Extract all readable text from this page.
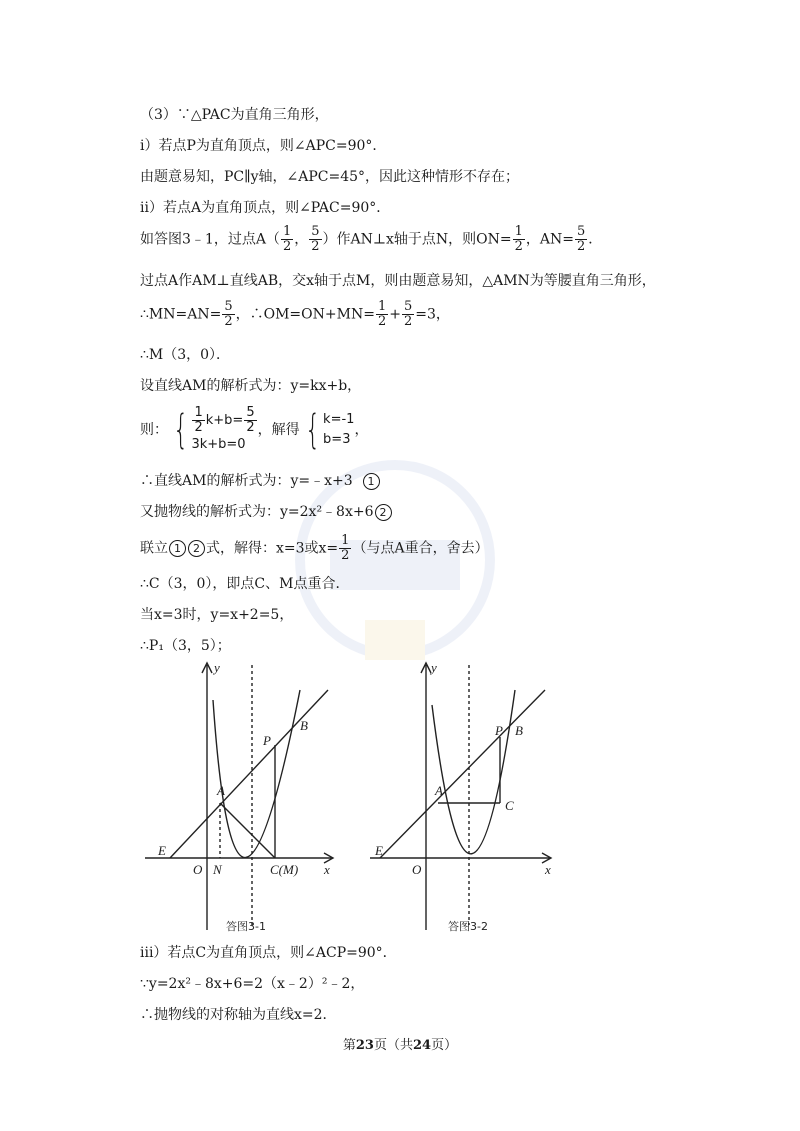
（3）∵△PAC为直角三角形，
i）若点P为直角顶点，则∠APC=90°．
由题意易知，PC∥y轴，∠APC=45°，因此这种情形不存在；
ii）若点A为直角顶点，则∠PAC=90°．
如答图3﹣1，过点$A( \frac{1}{2}$ ， $\frac{5}{2}$ ）作AN⊥x轴于点N，则$ON= \frac{1}{2}$ ，$AN= \frac{5}{2}$ ．
过点A作AM⊥直线AB，交x轴于点M，则由题意易知，△AMN为等腰直角三角形，
∴MN=AN= $\frac{5}{2}$ ，∴OM=ON+MN= $\frac{1}{2} + \frac{5}{2} =3$，
∴M（3，0）．
设直线AM的解析式为：y=kx+b，
则： { $\frac{1}{2} k+b= \frac{5}{2}$
3k+b=0
，解得 { k=-1
b=3
，
∴直线AM的解析式为：y=﹣x+3 1
又抛物线的解析式为：y=2x²﹣8x+6 2
联立 1 2 式，解得：x=3或$x= \frac{1}{2}$ （与点A重合，舍去）
∴C（3，0），即点C、M点重合．
当x=3时，y=x+2=5，
∴P₁（3，5）；
y
x
O N
E
A
P
B
C(M)
答图3-1
y
x
O
E
A
P B
C
答图3-2
iii）若点C为直角顶点，则∠ACP=90°．
∵y=2x²﹣8x+6=2（x﹣2）²﹣2，
∴抛物线的对称轴为直线x=2．
第23页（共24页）
